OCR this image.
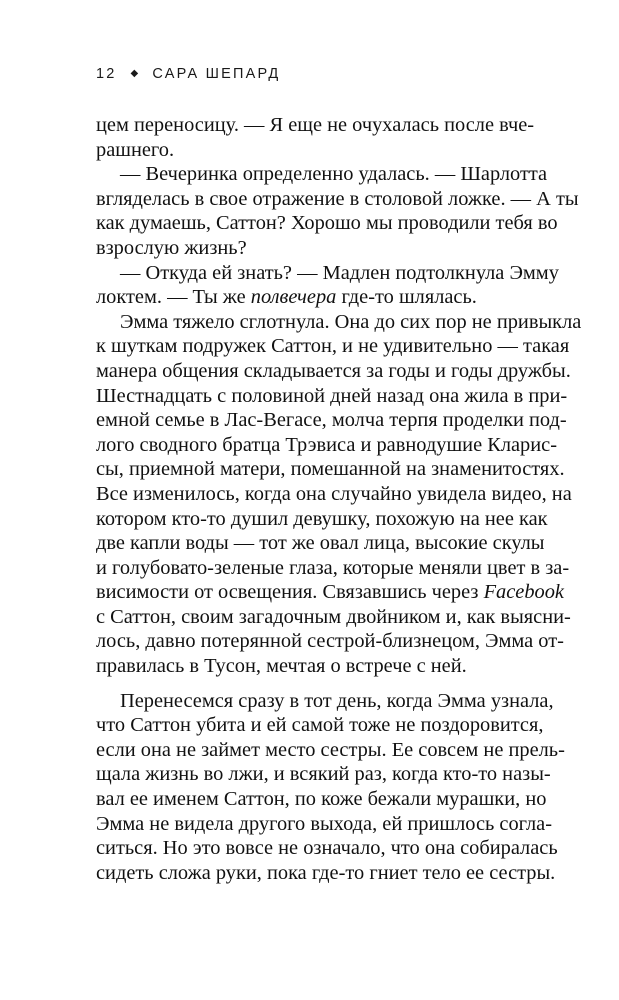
12 ◆ САРА ШЕПАРД
цем переносицу. — Я еще не очухалась после вче-
рашнего.
— Вечеринка определенно удалась. — Шарлотта
вгляделась в свое отражение в столовой ложке. — А ты
как думаешь, Саттон? Хорошо мы проводили тебя во
взрослую жизнь?
— Откуда ей знать? — Мадлен подтолкнула Эмму
локтем. — Ты же полвечера где-то шлялась.
Эмма тяжело сглотнула. Она до сих пор не привыкла
к шуткам подружек Саттон, и не удивительно — такая
манера общения складывается за годы и годы дружбы.
Шестнадцать с половиной дней назад она жила в при-
емной семье в Лас-Вегасе, молча терпя проделки под-
лого сводного братца Трэвиса и равнодушие Клaрис-
сы, приемной матери, помешанной на знаменитостях.
Все изменилось, когда она случайно увидела видео, на
котором кто-то душил девушку, похожую на нее как
две капли воды — тот же овал лица, высокие скулы
и голубовато-зеленые глаза, которые меняли цвет в за-
висимости от освещения. Связавшись через Facebook
с Саттон, своим загадочным двойником и, как выясни-
лось, давно потерянной сестрой-близнецом, Эмма от-
правилась в Тусон, мечтая о встрече с ней.
Перенесемся сразу в тот день, когда Эмма узнала,
что Саттон убита и ей самой тоже не поздоровится,
если она не займет место сестры. Ее совсем не прель-
щала жизнь во лжи, и всякий раз, когда кто-то назы-
вал ее именем Саттон, по коже бежали мурашки, но
Эмма не видела другого выхода, ей пришлось согла-
ситься. Но это вовсе не означало, что она собиралась
сидеть сложа руки, пока где-то гниет тело ее сестры.
